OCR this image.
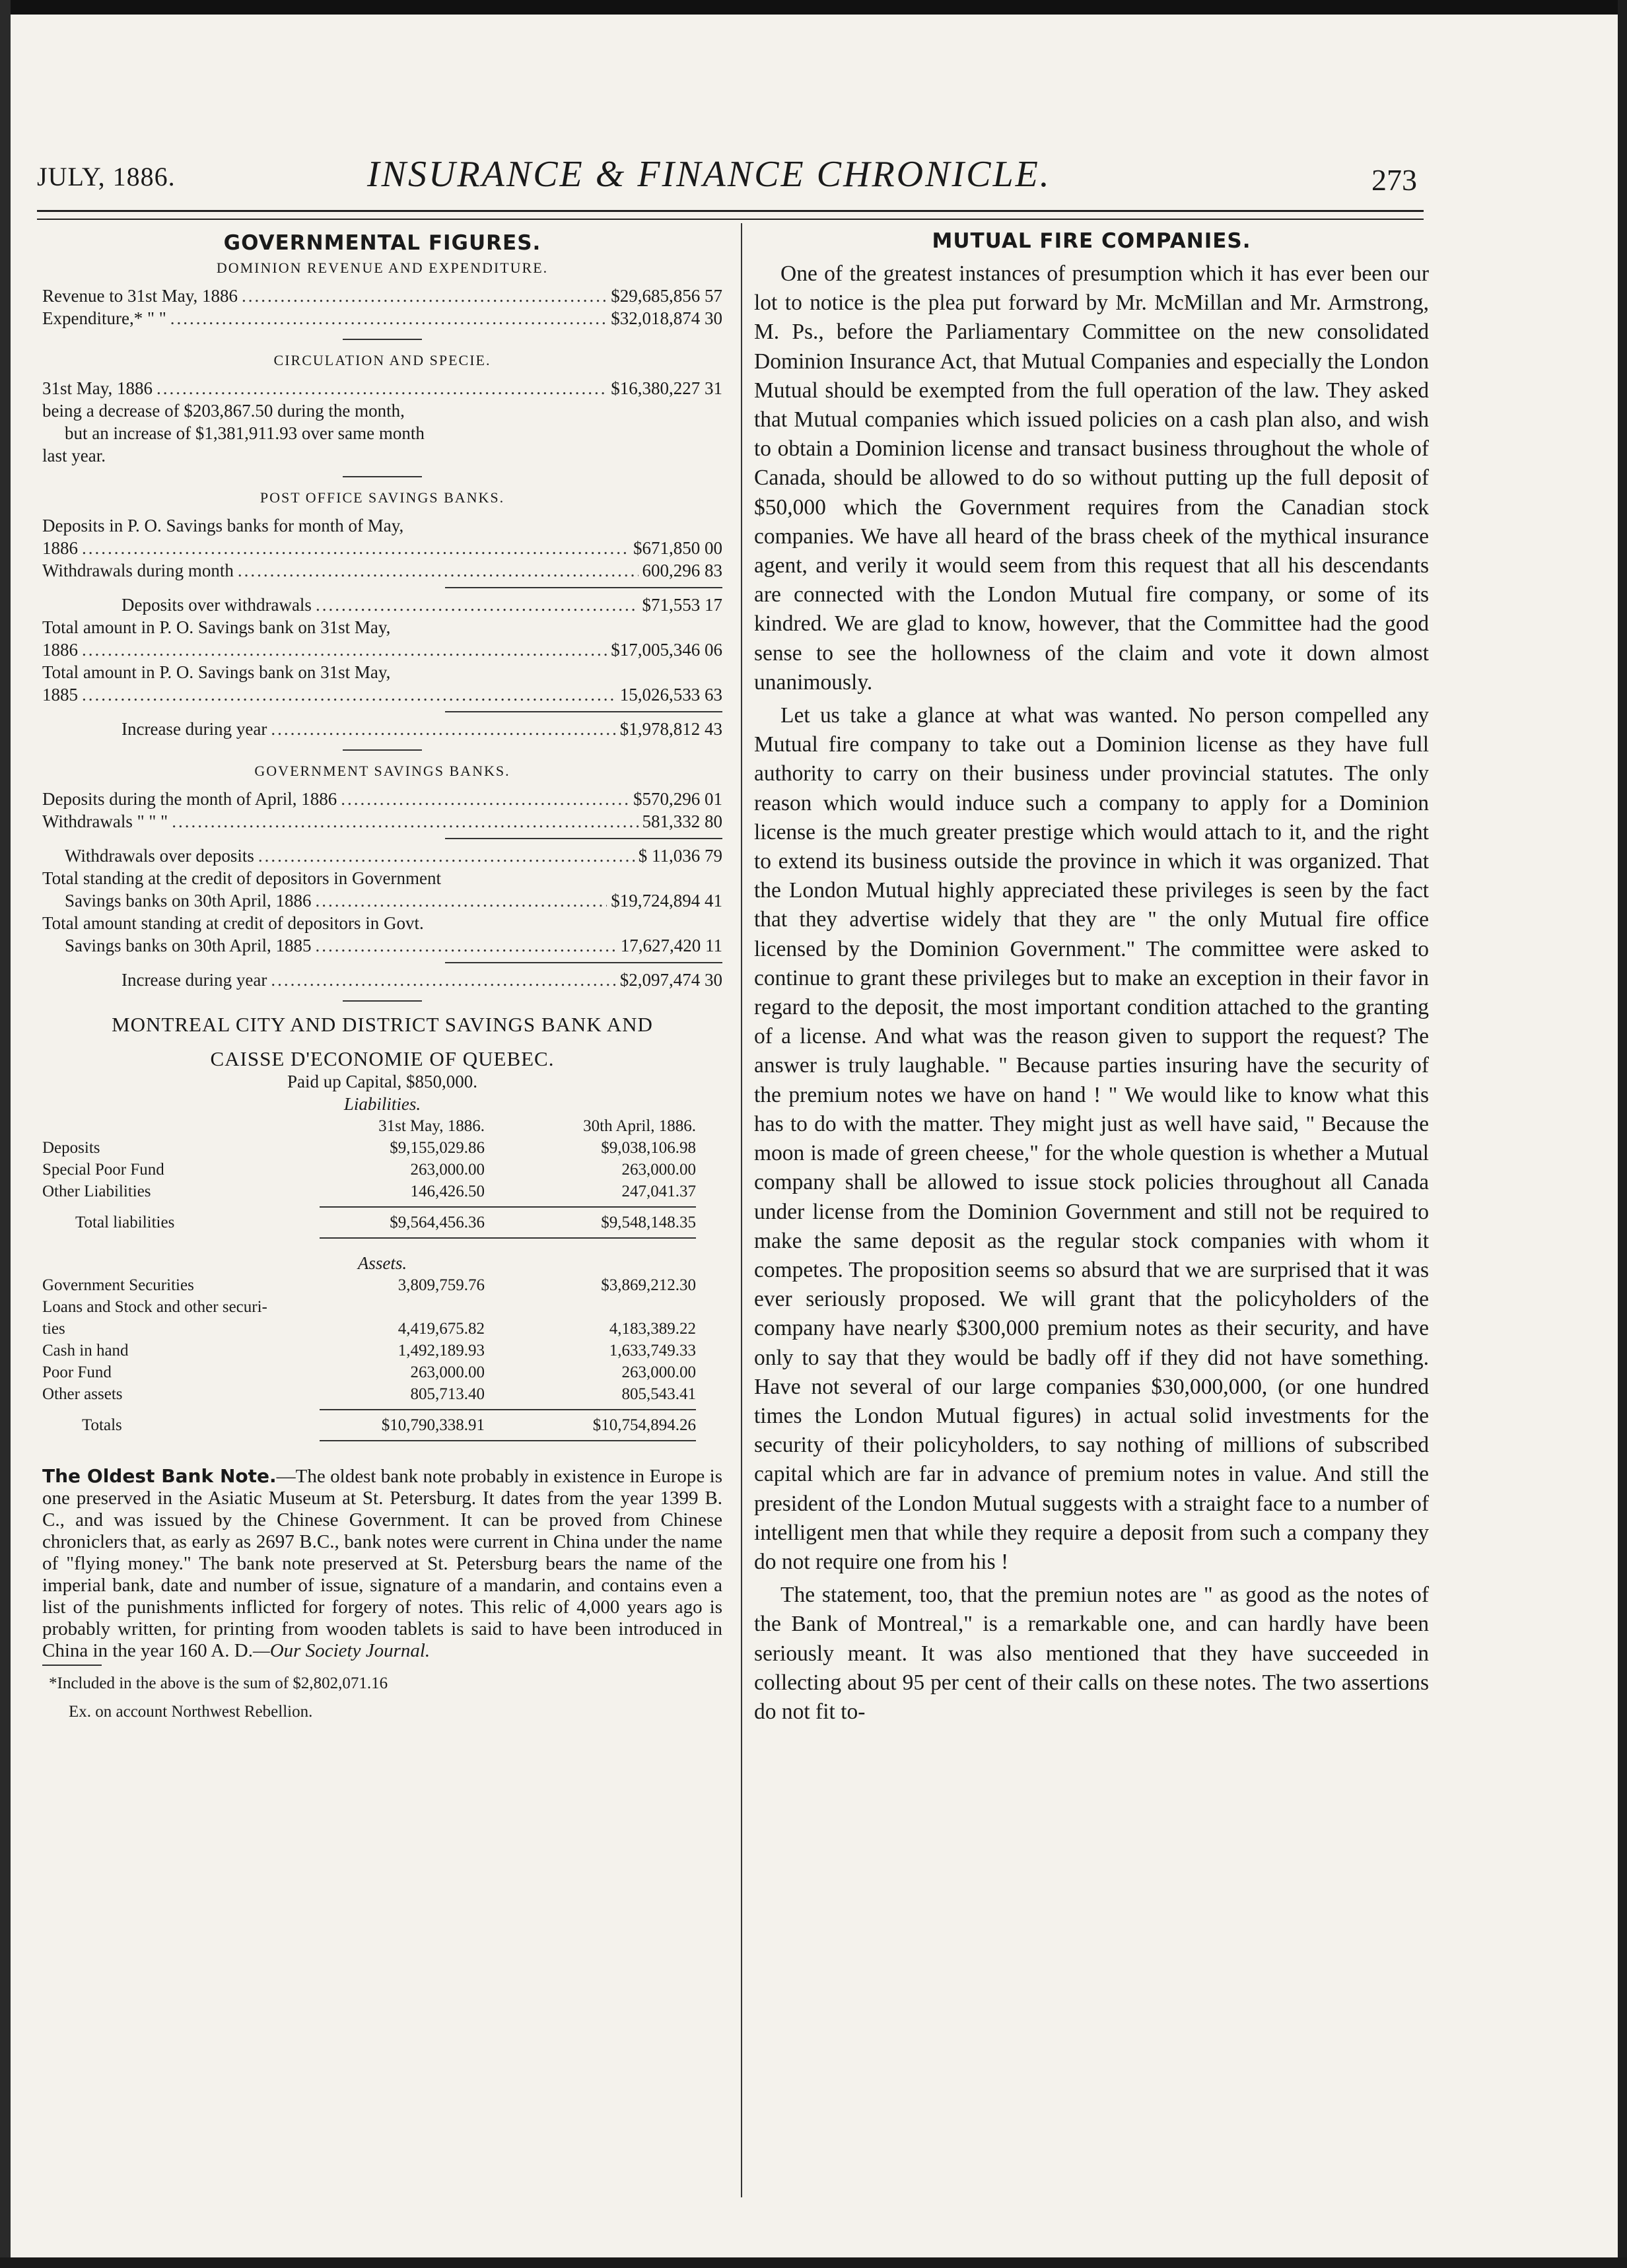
JULY, 1886.	INSURANCE & FINANCE CHRONICLE.	273
GOVERNMENTAL FIGURES.
DOMINION REVENUE AND EXPENDITURE.
Revenue to 31st May, 1886 .....	$29,685,856 57
Expenditure,* " " .....	$32,018,874 30
CIRCULATION AND SPECIE.
31st May, 1886 .....	$16,380,227 31
being a decrease of $203,867.50 during the month,
but an increase of $1,381,911.93 over same month
last year.
POST OFFICE SAVINGS BANKS.
Deposits in P. O. Savings banks for month of May,
1886 .....	$671,850 00
Withdrawals during month .....	600,296 83
Deposits over withdrawals .....	$71,553 17
Total amount in P. O. Savings bank on 31st May,
1886 .....	$17,005,346 06
Total amount in P. O. Savings bank on 31st May,
1885 .....	15,026,533 63
Increase during year .....	$1,978,812 43
GOVERNMENT SAVINGS BANKS.
Deposits during the month of April, 1886 .....	$570,296 01
Withdrawals " " " .....	581,332 80
Withdrawals over deposits .....	$ 11,036 79
Total standing at the credit of depositors in Government
Savings banks on 30th April, 1886 .....	$19,724,894 41
Total amount standing at credit of depositors in Govt.
Savings banks on 30th April, 1885 .....	17,627,420 11
Increase during year .....	$2,097,474 30
MONTREAL CITY AND DISTRICT SAVINGS BANK AND
CAISSE D'ECONOMIE OF QUEBEC.
Paid up Capital, $850,000.
Liabilities.
31st May, 1886.	30th April, 1886.
Deposits	$9,155,029.86	$9,038,106.98
Special Poor Fund	263,000.00	263,000.00
Other Liabilities	146,426.50	247,041.37
Total liabilities	$9,564,456.36	$9,548,148.35
Assets.
Government Securities	3,809,759.76	$3,869,212.30
Loans and Stock and other securi-
ties	4,419,675.82	4,183,389.22
Cash in hand	1,492,189.93	1,633,749.33
Poor Fund	263,000.00	263,000.00
Other assets	805,713.40	805,543.41
Totals	$10,790,338.91	$10,754,894.26
The Oldest Bank Note.—The oldest bank note probably in existence in Europe is one preserved in the Asiatic Museum at St. Petersburg. It dates from the year 1399 B. C., and was issued by the Chinese Government. It can be proved from Chinese chroniclers that, as early as 2697 B.C., bank notes were current in China under the name of "flying money." The bank note preserved at St. Petersburg bears the name of the imperial bank, date and number of issue, signature of a mandarin, and contains even a list of the punishments inflicted for forgery of notes. This relic of 4,000 years ago is probably written, for printing from wooden tablets is said to have been introduced in China in the year 160 A. D.—Our Society Journal.
*Included in the above is the sum of $2,802,071.16
Ex. on account Northwest Rebellion.
MUTUAL FIRE COMPANIES.

One of the greatest instances of presumption which it has ever been our lot to notice is the plea put forward by Mr. McMillan and Mr. Armstrong, M. Ps., before the Parliamentary Committee on the new consolidated Dominion Insurance Act, that Mutual Companies and especially the London Mutual should be exempted from the full operation of the law. They asked that Mutual companies which issued policies on a cash plan also, and wish to obtain a Dominion license and transact business throughout the whole of Canada, should be allowed to do so without putting up the full deposit of $50,000 which the Government requires from the Canadian stock companies. We have all heard of the brass cheek of the mythical insurance agent, and verily it would seem from this request that all his descendants are connected with the London Mutual fire company, or some of its kindred. We are glad to know, however, that the Committee had the good sense to see the hollowness of the claim and vote it down almost unanimously.

Let us take a glance at what was wanted. No person compelled any Mutual fire company to take out a Dominion license as they have full authority to carry on their business under provincial statutes. The only reason which would induce such a company to apply for a Dominion license is the much greater prestige which would attach to it, and the right to extend its business outside the province in which it was organized. That the London Mutual highly appreciated these privileges is seen by the fact that they advertise widely that they are " the only Mutual fire office licensed by the Dominion Government." The committee were asked to continue to grant these privileges but to make an exception in their favor in regard to the deposit, the most important condition attached to the granting of a license. And what was the reason given to support the request? The answer is truly laughable. " Because parties insuring have the security of the premium notes we have on hand ! " We would like to know what this has to do with the matter. They might just as well have said, " Because the moon is made of green cheese," for the whole question is whether a Mutual company shall be allowed to issue stock policies throughout all Canada under license from the Dominion Government and still not be required to make the same deposit as the regular stock companies with whom it competes. The proposition seems so absurd that we are surprised that it was ever seriously proposed. We will grant that the policyholders of the company have nearly $300,000 premium notes as their security, and have only to say that they would be badly off if they did not have something. Have not several of our large companies $30,000,000, (or one hundred times the London Mutual figures) in actual solid investments for the security of their policyholders, to say nothing of millions of subscribed capital which are far in advance of premium notes in value. And still the president of the London Mutual suggests with a straight face to a number of intelligent men that while they require a deposit from such a company they do not require one from his !

The statement, too, that the premiun notes are " as good as the notes of the Bank of Montreal," is a remarkable one, and can hardly have been seriously meant. It was also mentioned that they have succeeded in collecting about 95 per cent of their calls on these notes. The two assertions do not fit to-
